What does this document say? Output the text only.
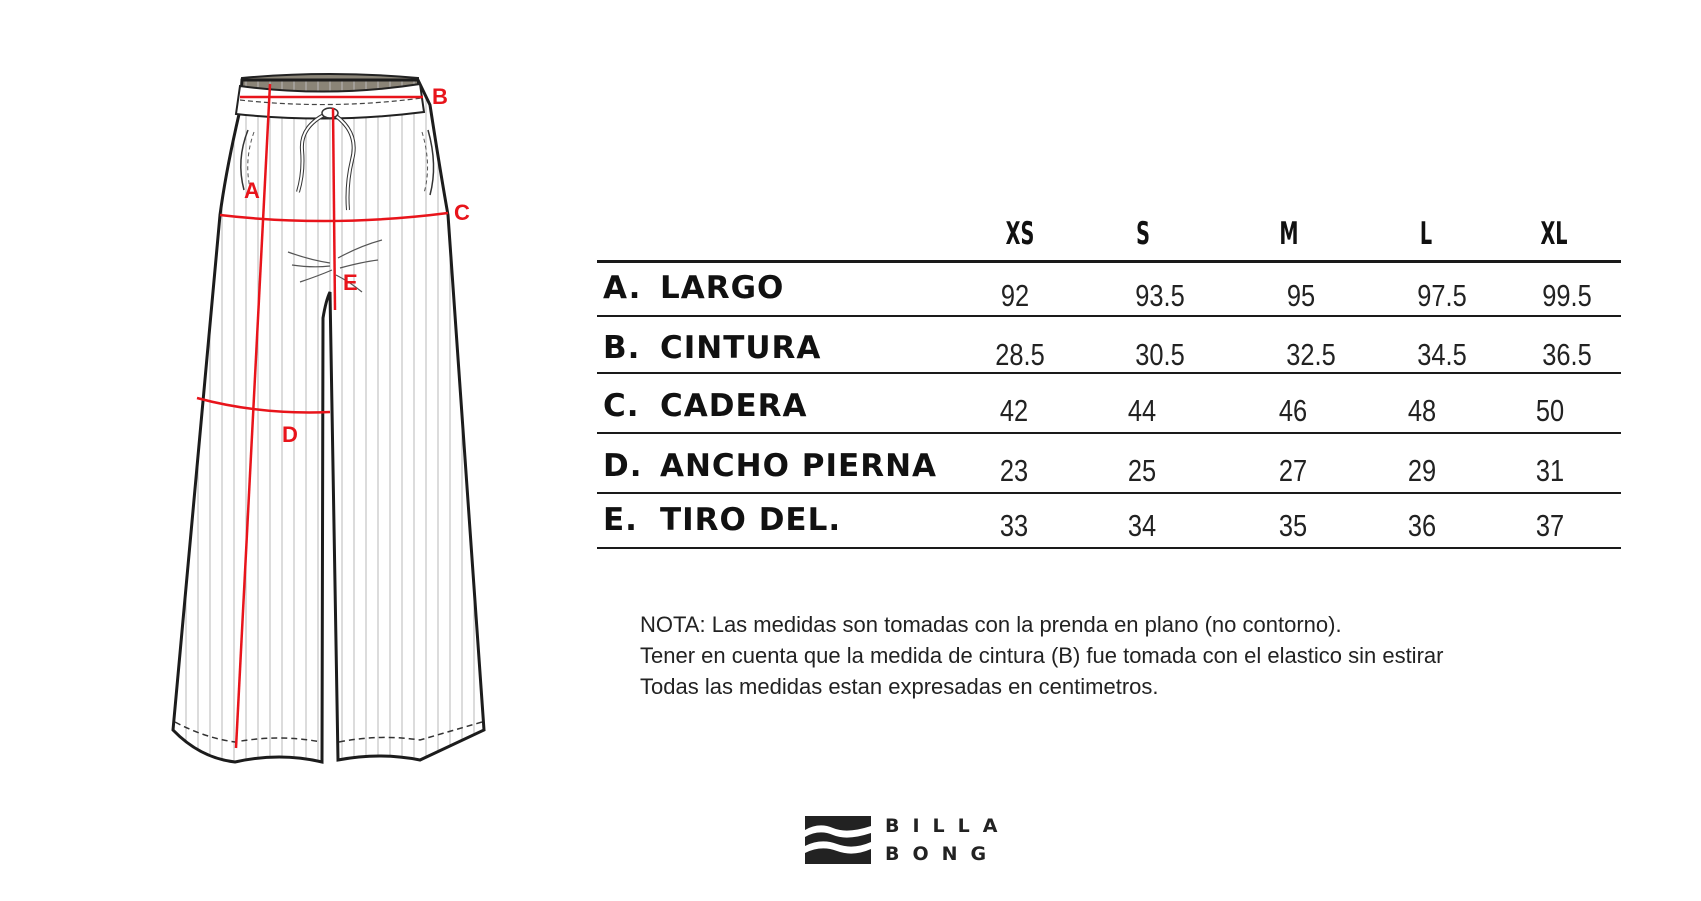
A
B
C
D
E
XS	S	M	L	XL
A. LARGO	92	93.5	95	97.5	99.5
B. CINTURA	28.5	30.5	32.5	34.5	36.5
C. CADERA	42	44	46	48	50
D. ANCHO PIERNA	23	25	27	29	31
E. TIRO DEL.	33	34	35	36	37
NOTA: Las medidas son tomadas con la prenda en plano (no contorno).
Tener en cuenta que la medida de cintura (B) fue tomada con el elastico sin estirar
Todas las medidas estan expresadas en centimetros.
BILLA
BONG
